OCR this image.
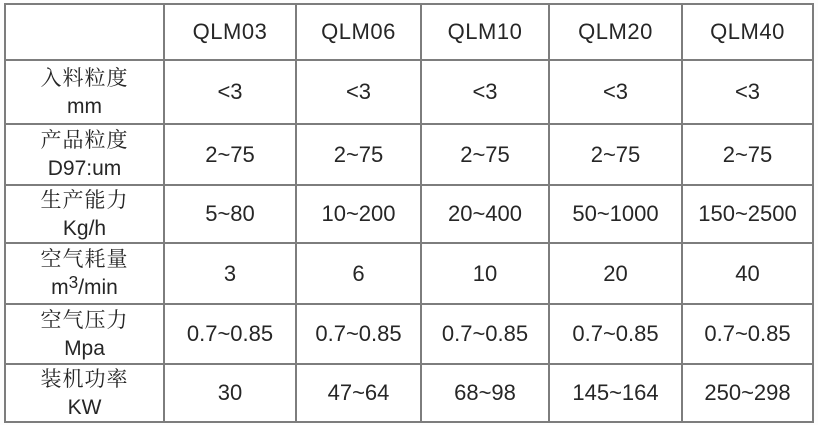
	QLM03	QLM06	QLM10	QLM20	QLM40

入料粒度
mm	<3	<3	<3	<3	<3

产品粒度
D97:um	2~75	2~75	2~75	2~75	2~75

生产能力
Kg/h	5~80	10~200	20~400	50~1000	150~2500

空气耗量
$m^3/\min$	3	6	10	20	40

空气压力
Mpa	0.7~0.85	0.7~0.85	0.7~0.85	0.7~0.85	0.7~0.85

装机功率
KW	30	47~64	68~98	145~164	250~298
